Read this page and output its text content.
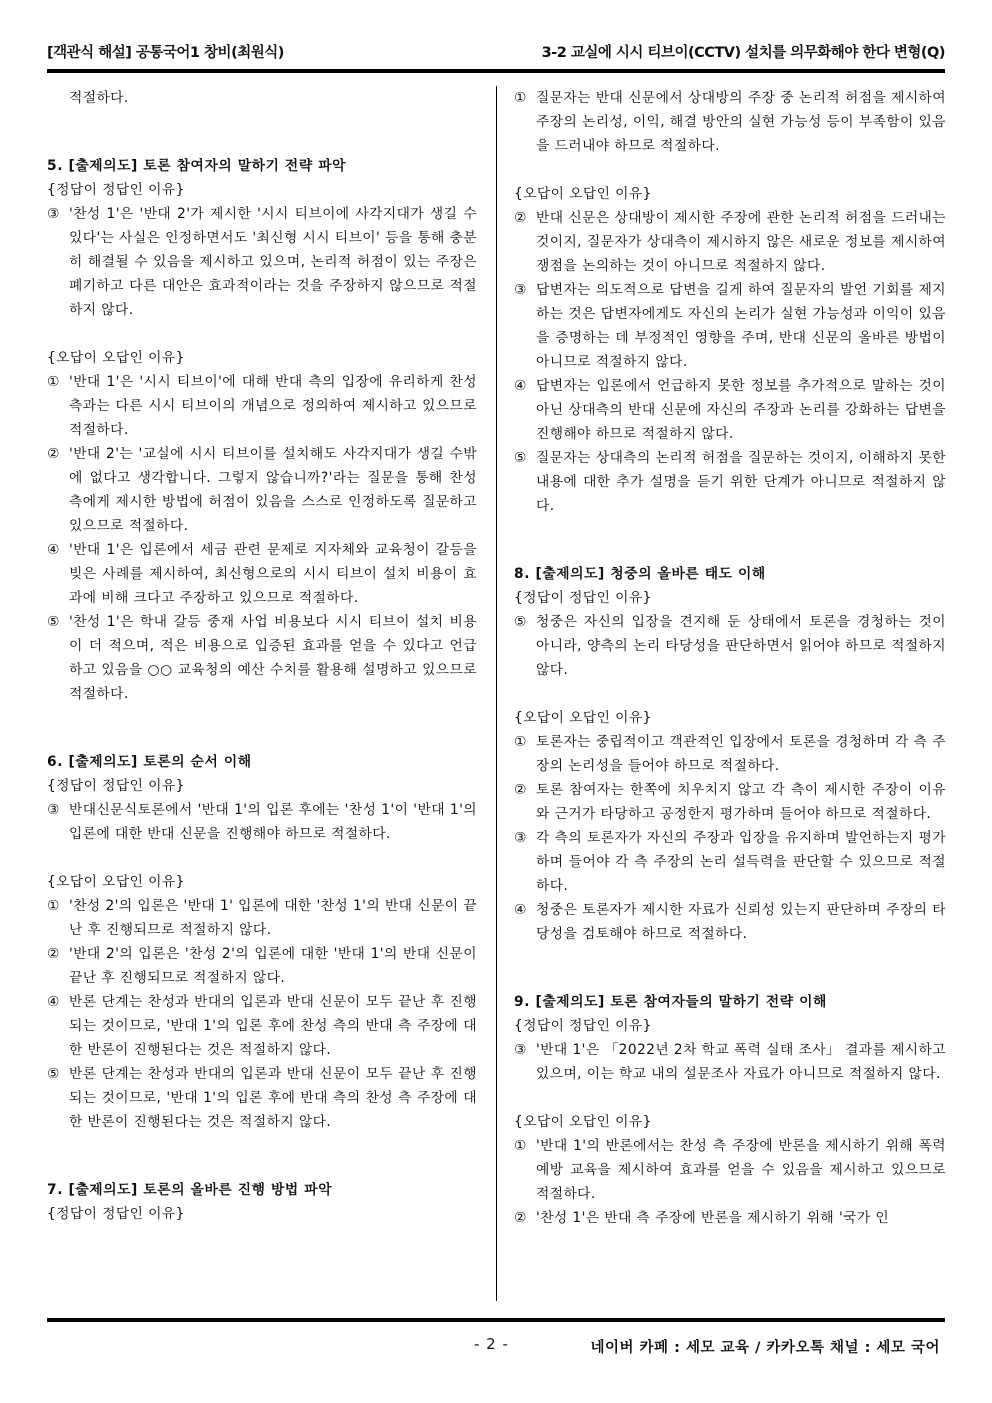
[객관식 해설] 공통국어1 창비(최원식)	3-2 교실에 시시 티브이(CCTV) 설치를 의무화해야 한다 변형(Q)

적절하다.

5. [출제의도] 토론 참여자의 말하기 전략 파악

{정답이 정답인 이유}

③ '찬성 1'은 '반대 2'가 제시한 '시시 티브이에 사각지대가 생길 수 있다'는 사실은 인정하면서도 '최신형 시시 티브이' 등을 통해 충분히 해결될 수 있음을 제시하고 있으며, 논리적 허점이 있는 주장은 폐기하고 다른 대안은 효과적이라는 것을 주장하지 않으므로 적절하지 않다.

{오답이 오답인 이유}

① '반대 1'은 '시시 티브이'에 대해 반대 측의 입장에 유리하게 찬성 측과는 다른 시시 티브이의 개념으로 정의하여 제시하고 있으므로 적절하다.
② '반대 2'는 '교실에 시시 티브이를 설치해도 사각지대가 생길 수밖에 없다고 생각합니다. 그렇지 않습니까?'라는 질문을 통해 찬성 측에게 제시한 방법에 허점이 있음을 스스로 인정하도록 질문하고 있으므로 적절하다.
④ '반대 1'은 입론에서 세금 관련 문제로 지자체와 교육청이 갈등을 빚은 사례를 제시하여, 최신형으로의 시시 티브이 설치 비용이 효과에 비해 크다고 주장하고 있으므로 적절하다.
⑤ '찬성 1'은 학내 갈등 중재 사업 비용보다 시시 티브이 설치 비용이 더 적으며, 적은 비용으로 입증된 효과를 얻을 수 있다고 언급하고 있음을 ○○ 교육청의 예산 수치를 활용해 설명하고 있으므로 적절하다.

6. [출제의도] 토론의 순서 이해

{정답이 정답인 이유}

③ 반대신문식토론에서 '반대 1'의 입론 후에는 '찬성 1'이 '반대 1'의 입론에 대한 반대 신문을 진행해야 하므로 적절하다.

{오답이 오답인 이유}

① '찬성 2'의 입론은 '반대 1' 입론에 대한 '찬성 1'의 반대 신문이 끝난 후 진행되므로 적절하지 않다.
② '반대 2'의 입론은 '찬성 2'의 입론에 대한 '반대 1'의 반대 신문이 끝난 후 진행되므로 적절하지 않다.
④ 반론 단계는 찬성과 반대의 입론과 반대 신문이 모두 끝난 후 진행되는 것이므로, '반대 1'의 입론 후에 찬성 측의 반대 측 주장에 대한 반론이 진행된다는 것은 적절하지 않다.
⑤ 반론 단계는 찬성과 반대의 입론과 반대 신문이 모두 끝난 후 진행되는 것이므로, '반대 1'의 입론 후에 반대 측의 찬성 측 주장에 대한 반론이 진행된다는 것은 적절하지 않다.

7. [출제의도] 토론의 올바른 진행 방법 파악

{정답이 정답인 이유}

① 질문자는 반대 신문에서 상대방의 주장 중 논리적 허점을 제시하여 주장의 논리성, 이익, 해결 방안의 실현 가능성 등이 부족함이 있음을 드러내야 하므로 적절하다.

{오답이 오답인 이유}

② 반대 신문은 상대방이 제시한 주장에 관한 논리적 허점을 드러내는 것이지, 질문자가 상대측이 제시하지 않은 새로운 정보를 제시하여 쟁점을 논의하는 것이 아니므로 적절하지 않다.
③ 답변자는 의도적으로 답변을 길게 하여 질문자의 발언 기회를 제지하는 것은 답변자에게도 자신의 논리가 실현 가능성과 이익이 있음을 증명하는 데 부정적인 영향을 주며, 반대 신문의 올바른 방법이 아니므로 적절하지 않다.
④ 답변자는 입론에서 언급하지 못한 정보를 추가적으로 말하는 것이 아닌 상대측의 반대 신문에 자신의 주장과 논리를 강화하는 답변을 진행해야 하므로 적절하지 않다.
⑤ 질문자는 상대측의 논리적 허점을 질문하는 것이지, 이해하지 못한 내용에 대한 추가 설명을 듣기 위한 단계가 아니므로 적절하지 않다.

8. [출제의도] 청중의 올바른 태도 이해

{정답이 정답인 이유}

⑤ 청중은 자신의 입장을 견지해 둔 상태에서 토론을 경청하는 것이 아니라, 양측의 논리 타당성을 판단하면서 읽어야 하므로 적절하지 않다.

{오답이 오답인 이유}

① 토론자는 중립적이고 객관적인 입장에서 토론을 경청하며 각 측 주장의 논리성을 들어야 하므로 적절하다.
② 토론 참여자는 한쪽에 치우치지 않고 각 측이 제시한 주장이 이유와 근거가 타당하고 공정한지 평가하며 들어야 하므로 적절하다.
③ 각 측의 토론자가 자신의 주장과 입장을 유지하며 발언하는지 평가하며 들어야 각 측 주장의 논리 설득력을 판단할 수 있으므로 적절하다.
④ 청중은 토론자가 제시한 자료가 신뢰성 있는지 판단하며 주장의 타당성을 검토해야 하므로 적절하다.

9. [출제의도] 토론 참여자들의 말하기 전략 이해

{정답이 정답인 이유}

③ '반대 1'은 「2022년 2차 학교 폭력 실태 조사」 결과를 제시하고 있으며, 이는 학교 내의 설문조사 자료가 아니므로 적절하지 않다.

{오답이 오답인 이유}

① '반대 1'의 반론에서는 찬성 측 주장에 반론을 제시하기 위해 폭력 예방 교육을 제시하여 효과를 얻을 수 있음을 제시하고 있으므로 적절하다.
② '찬성 1'은 반대 측 주장에 반론을 제시하기 위해 '국가 인
- 2 -	네이버 카페 : 세모 교육 / 카카오톡 채널 : 세모 국어
